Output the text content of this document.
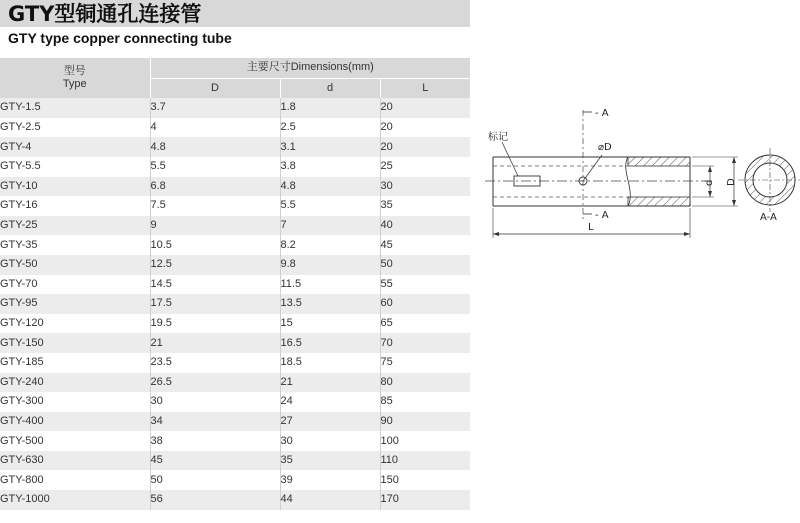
GTY型铜通孔连接管
GTY type copper connecting tube
型号
Type	主要尺寸Dimensions(mm)		
	D	d	L
GTY-1.5	3.7	1.8	20
GTY-2.5	4	2.5	20
GTY-4	4.8	3.1	20
GTY-5.5	5.5	3.8	25
GTY-10	6.8	4.8	30
GTY-16	7.5	5.5	35
GTY-25	9	7	40
GTY-35	10.5	8.2	45
GTY-50	12.5	9.8	50
GTY-70	14.5	11.5	55
GTY-95	17.5	13.5	60
GTY-120	19.5	15	65
GTY-150	21	16.5	70
GTY-185	23.5	18.5	75
GTY-240	26.5	21	80
GTY-300	30	24	85
GTY-400	34	27	90
GTY-500	38	30	100
GTY-630	45	35	110
GTY-800	50	39	150
GTY-1000	56	44	170
标记
- A
- A
⌀D
d D
L
A-A
